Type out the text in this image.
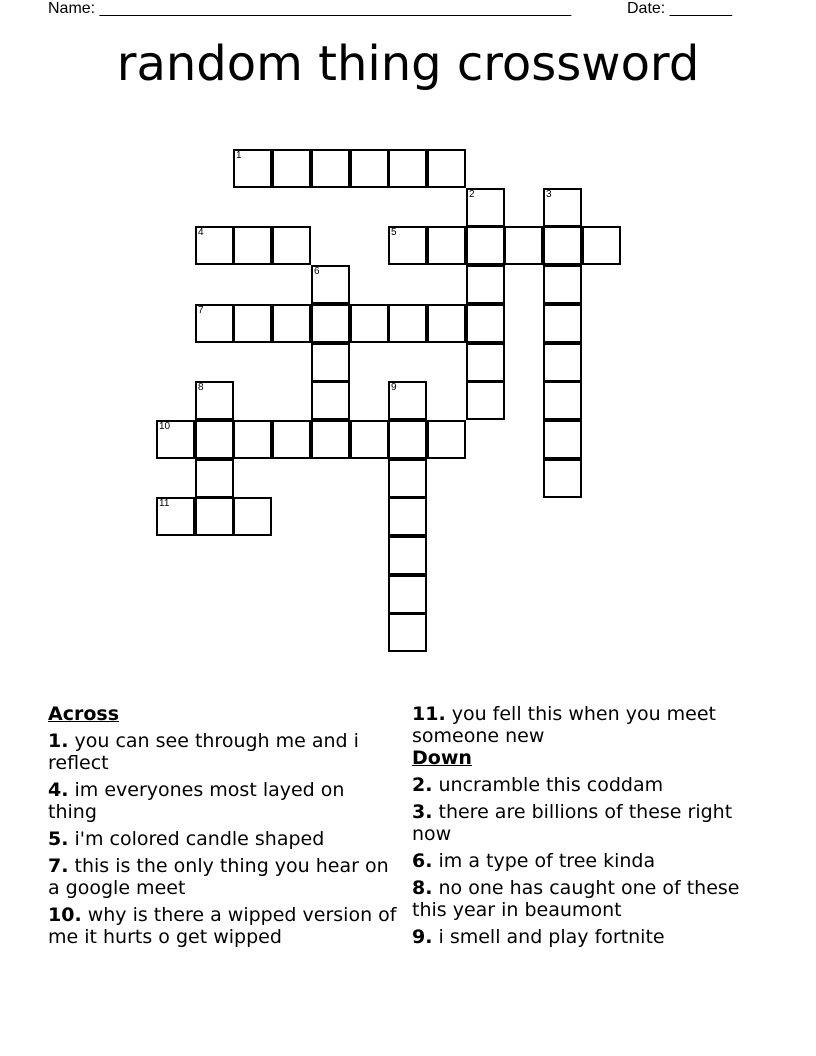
Name: _____________________________________________________	Date: _______
random thing crossword
1
2	3
4	5
6
7
8	9
10
11
Across
1. you can see through me and i reflect
4. im everyones most layed on thing
5. i'm colored candle shaped
7. this is the only thing you hear on a google meet
10. why is there a wipped version of me it hurts o get wipped
11. you fell this when you meet someone new
Down
2. uncramble this coddam
3. there are billions of these right now
6. im a type of tree kinda
8. no one has caught one of these this year in beaumont
9. i smell and play fortnite
